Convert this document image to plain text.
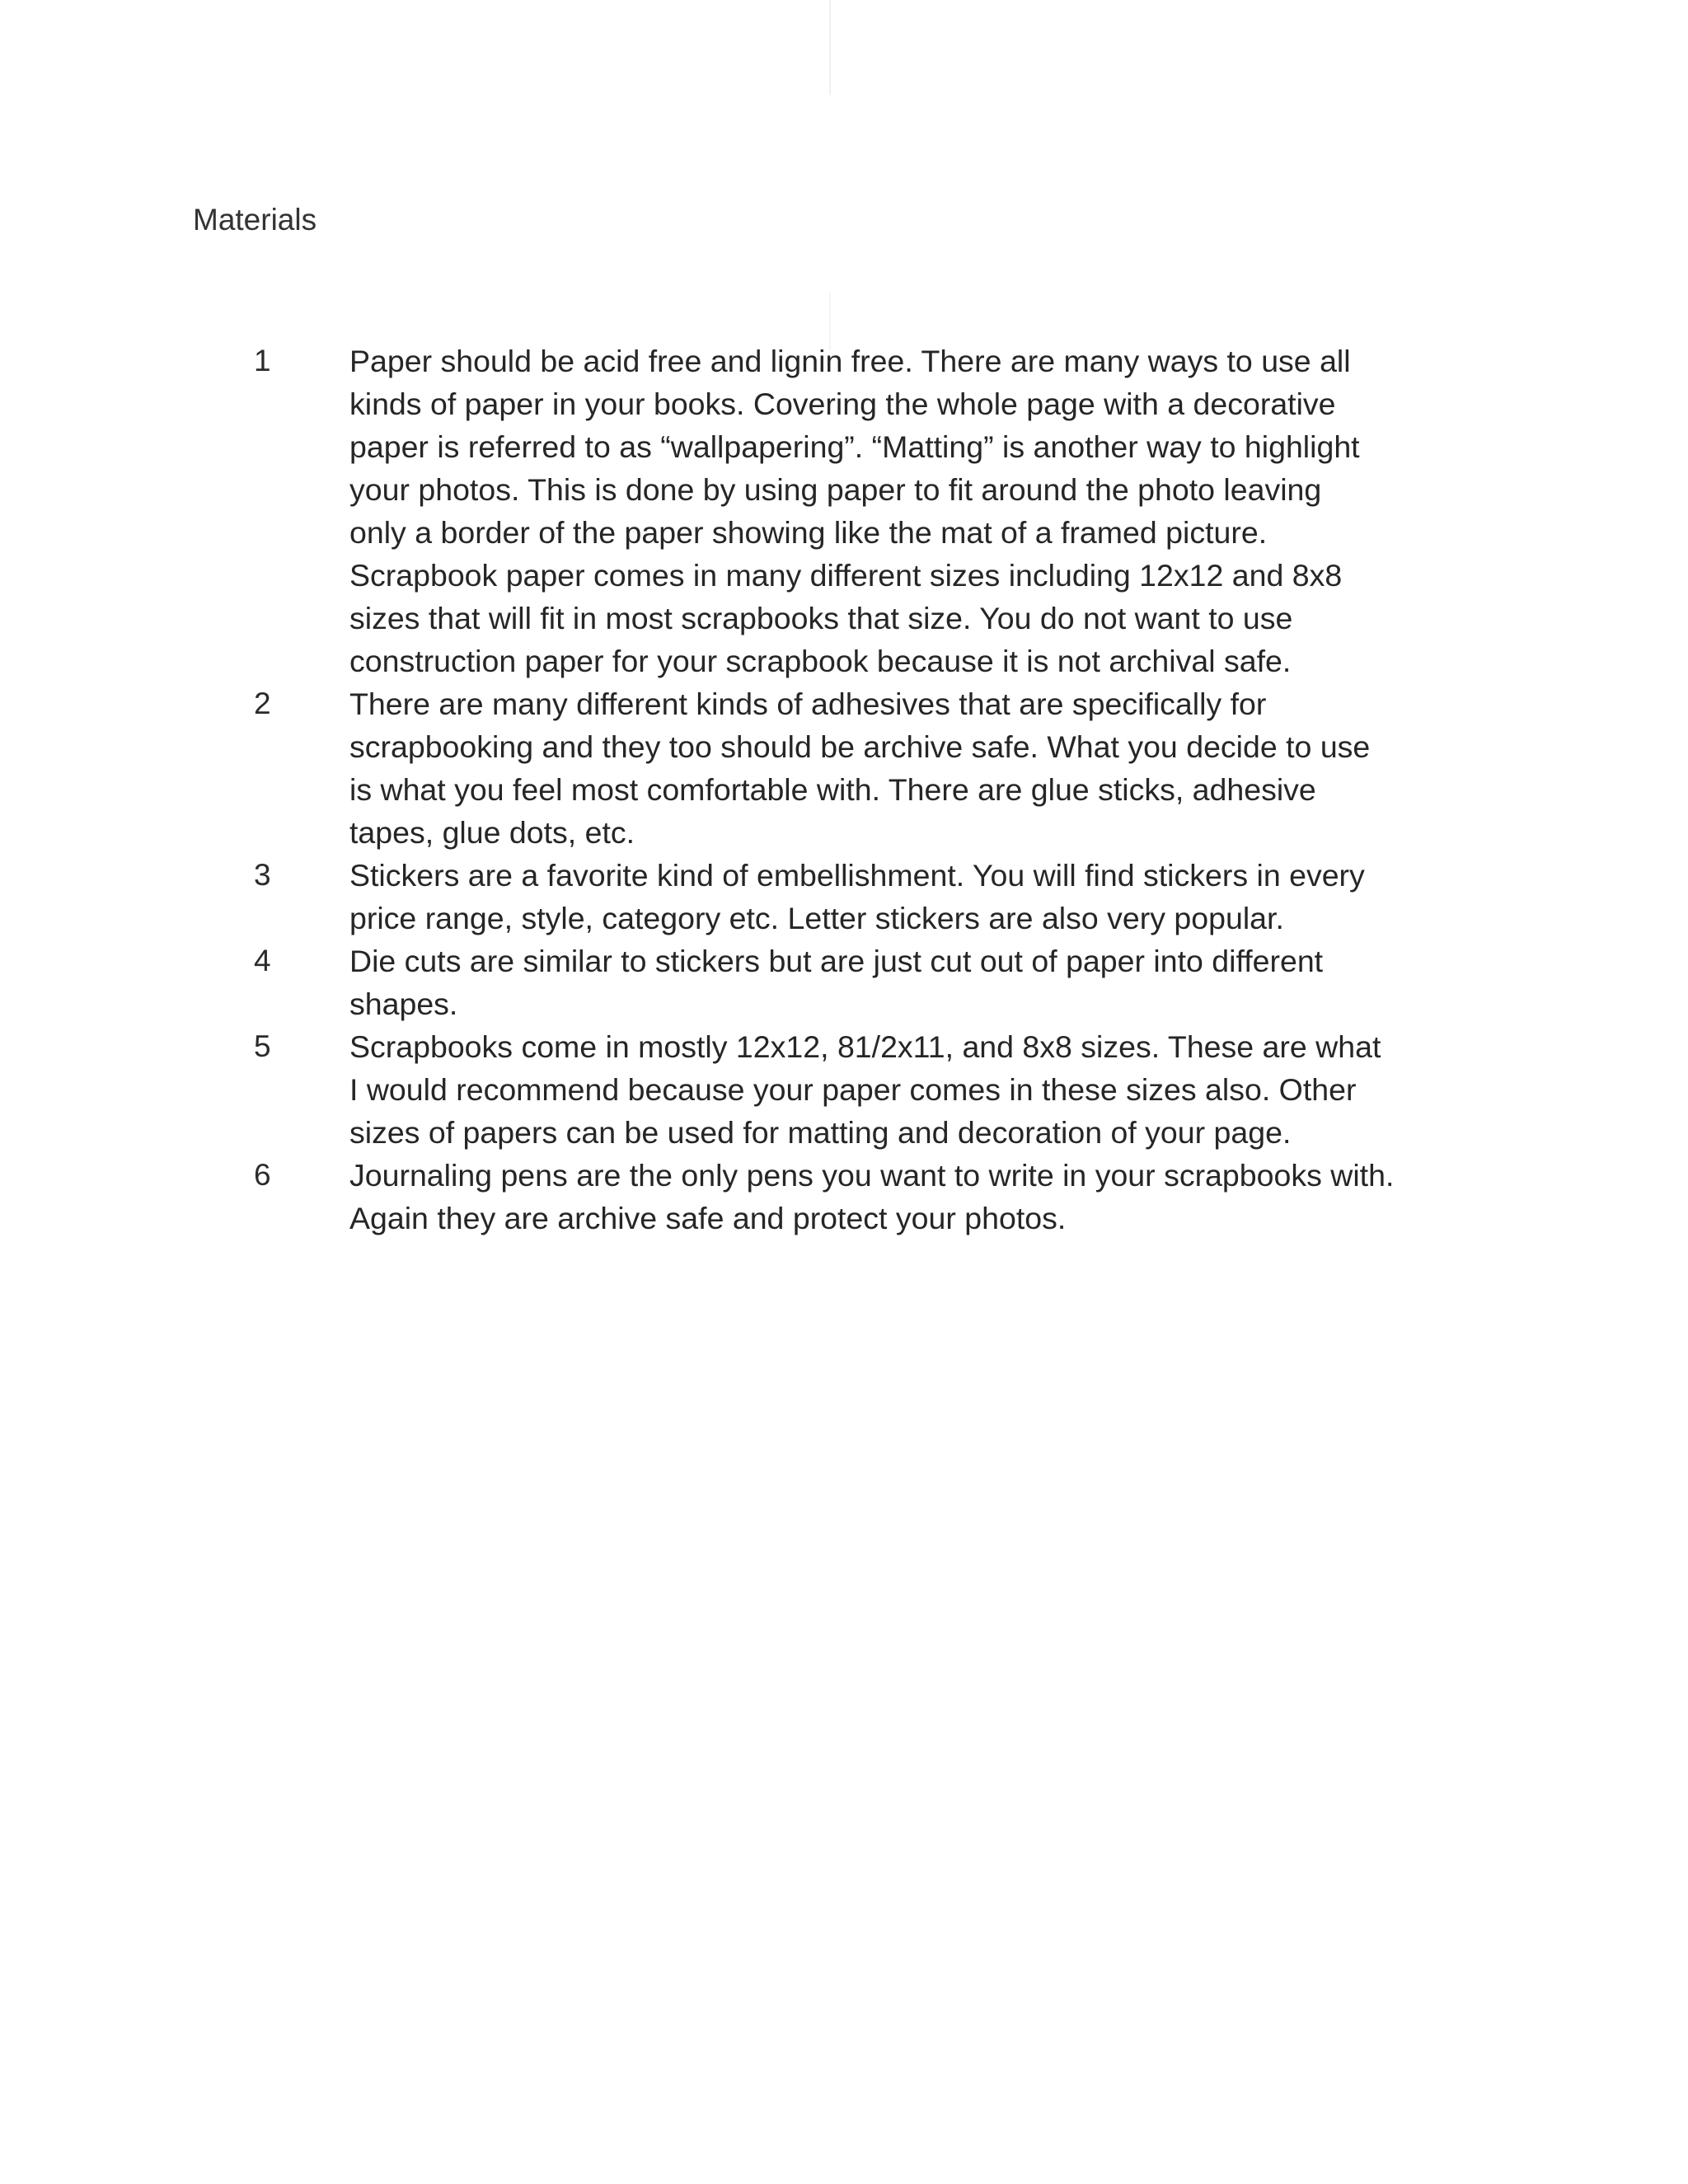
Materials
1	Paper should be acid free and lignin free. There are many ways to use all
kinds of paper in your books. Covering the whole page with a decorative
paper is referred to as “wallpapering”. “Matting” is another way to highlight
your photos. This is done by using paper to fit around the photo leaving
only a border of the paper showing like the mat of a framed picture.
Scrapbook paper comes in many different sizes including 12x12 and 8x8
sizes that will fit in most scrapbooks that size. You do not want to use
construction paper for your scrapbook because it is not archival safe.
2	There are many different kinds of adhesives that are specifically for
scrapbooking and they too should be archive safe. What you decide to use
is what you feel most comfortable with. There are glue sticks, adhesive
tapes, glue dots, etc.
3	Stickers are a favorite kind of embellishment. You will find stickers in every
price range, style, category etc. Letter stickers are also very popular.
4	Die cuts are similar to stickers but are just cut out of paper into different
shapes.
5	Scrapbooks come in mostly 12x12, 81/2x11, and 8x8 sizes. These are what
I would recommend because your paper comes in these sizes also. Other
sizes of papers can be used for matting and decoration of your page.
6	Journaling pens are the only pens you want to write in your scrapbooks with.
Again they are archive safe and protect your photos.
